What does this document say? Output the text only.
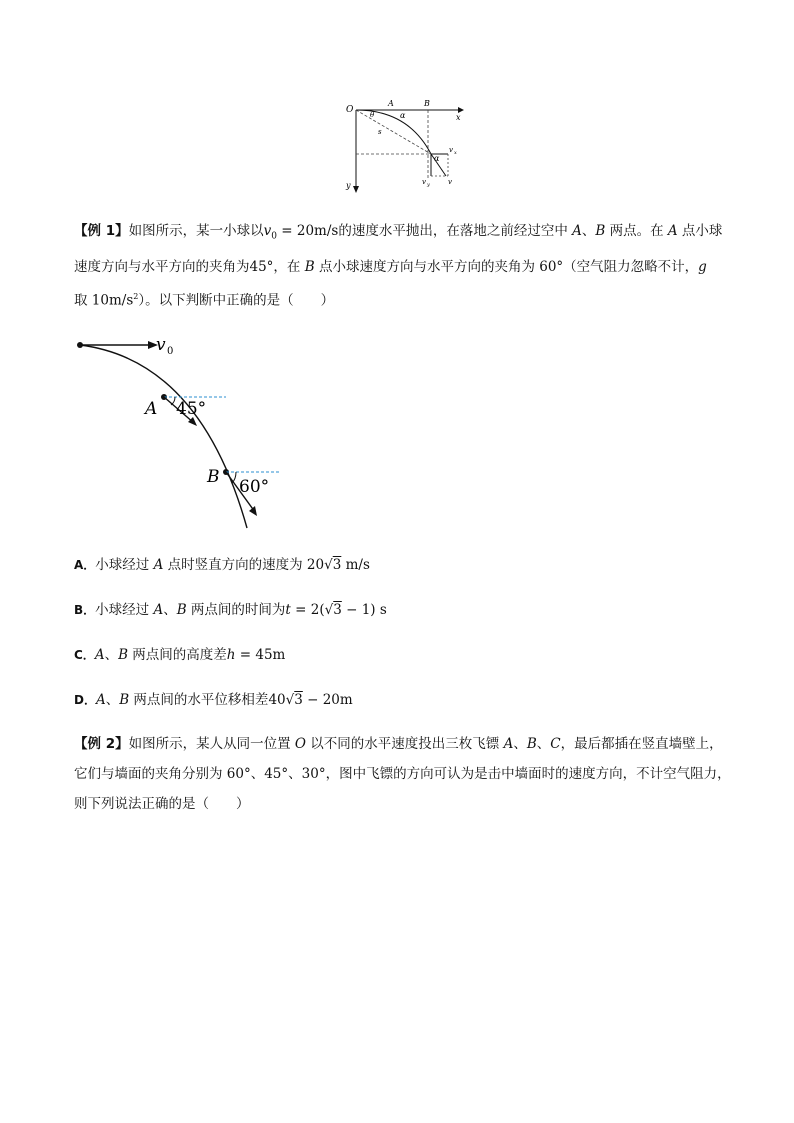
O
A	B
x
y
θ	α
s
α
v x
v y	v
【例 1】如图所示，某一小球以$v_0 = 20m/s$的速度水平抛出，在落地之前经过空中 A、B 两点。在 A 点小球速度方向与水平方向的夹角为45°，在 B 点小球速度方向与水平方向的夹角为 60°（空气阻力忽略不计，g
取 $10m/s^2$）。以下判断中正确的是（　　）
v 0
A 45°
B 60°
A．小球经过 A 点时竖直方向的速度为 20√3 m/s
B．小球经过 A、B 两点间的时间为t = 2(√3 − 1) s
C．A、B 两点间的高度差h = 45m
D．A、B 两点间的水平位移相差40√3 − 20m
【例 2】如图所示，某人从同一位置 O 以不同的水平速度投出三枚飞镖 A、B、C，最后都插在竖直墙壁上，它们与墙面的夹角分别为 60°、45°、30°，图中飞镖的方向可认为是击中墙面时的速度方向，不计空气阻力，则下列说法正确的是（　　）
